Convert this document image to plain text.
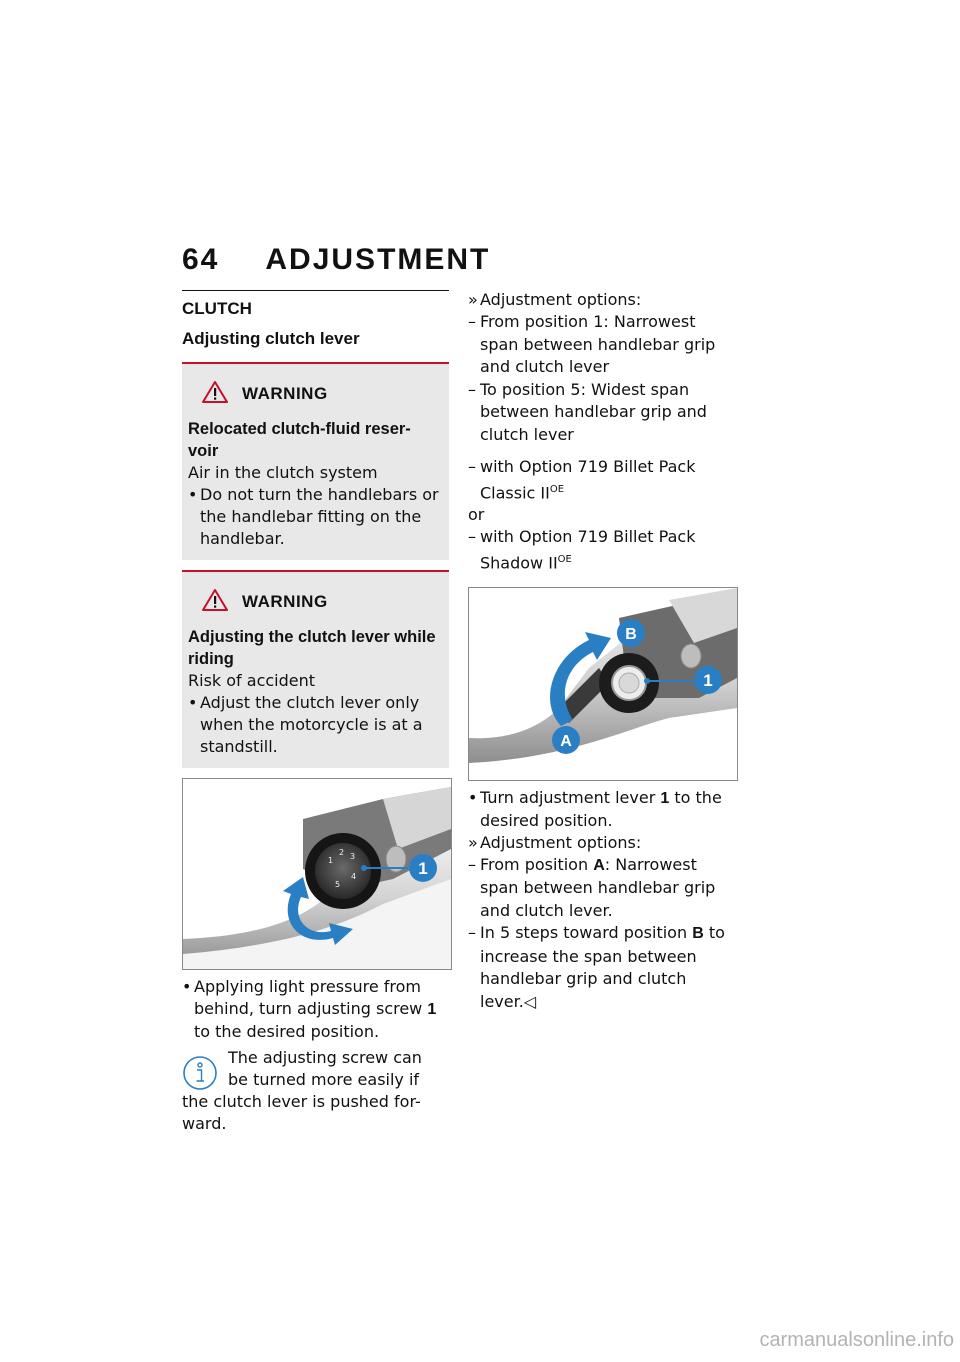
64 ADJUSTMENT
CLUTCH
Adjusting clutch lever
WARNING
Relocated clutch-fluid reser-voir
Air in the clutch system
• Do not turn the handlebars or the handlebar fitting on the handlebar.
WARNING
Adjusting the clutch lever while riding
Risk of accident
• Adjust the clutch lever only when the motorcycle is at a standstill.
1
2 3
4
5
1
• Applying light pressure from behind, turn adjusting screw 1 to the desired position.
The adjusting screw can
be turned more easily if
the clutch lever is pushed for-
ward.
» Adjustment options:
– From position 1: Narrowest span between handlebar grip and clutch lever
– To position 5: Widest span between handlebar grip and clutch lever
– with Option 719 Billet Pack Classic $II^{OE}$
or
– with Option 719 Billet Pack Shadow $II^{OE}$
1
A
B
• Turn adjustment lever 1 to the desired position.
» Adjustment options:
– From position A: Narrowest span between handlebar grip and clutch lever.
– In 5 steps toward position B to increase the span between handlebar grip and clutch lever.◁
carmanualsonline.info
